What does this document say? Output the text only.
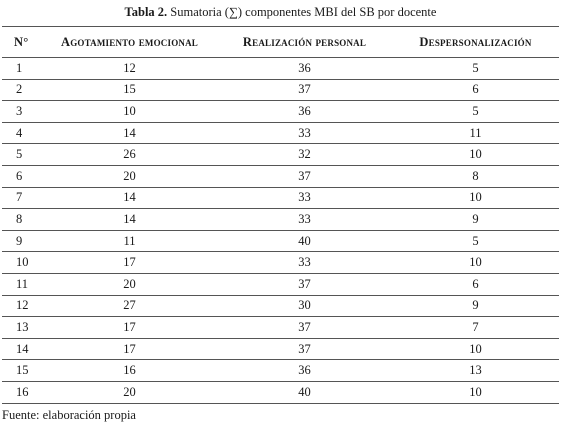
Tabla 2. Sumatoria (∑) componentes MBI del SB por docente
N°	Agotamiento emocional	Realización personal	Despersonalización
1	12	36	5
2	15	37	6
3	10	36	5
4	14	33	11
5	26	32	10
6	20	37	8
7	14	33	10
8	14	33	9
9	11	40	5
10	17	33	10
11	20	37	6
12	27	30	9
13	17	37	7
14	17	37	10
15	16	36	13
16	20	40	10
Fuente: elaboración propia
